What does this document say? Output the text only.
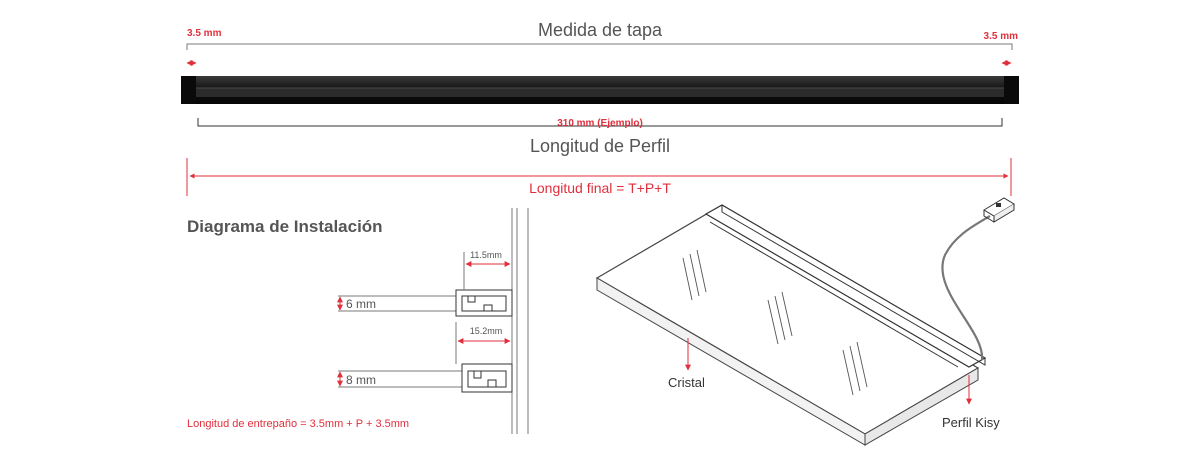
Medida de tapa
3.5 mm	3.5 mm
310 mm (Ejemplo)
Longitud de Perfil
Longitud final = T+P+T
Diagrama de Instalación
11.5mm
6 mm
15.2mm
8 mm
Longitud de entrepaño = 3.5mm + P + 3.5mm
Cristal
Perfil Kisy
